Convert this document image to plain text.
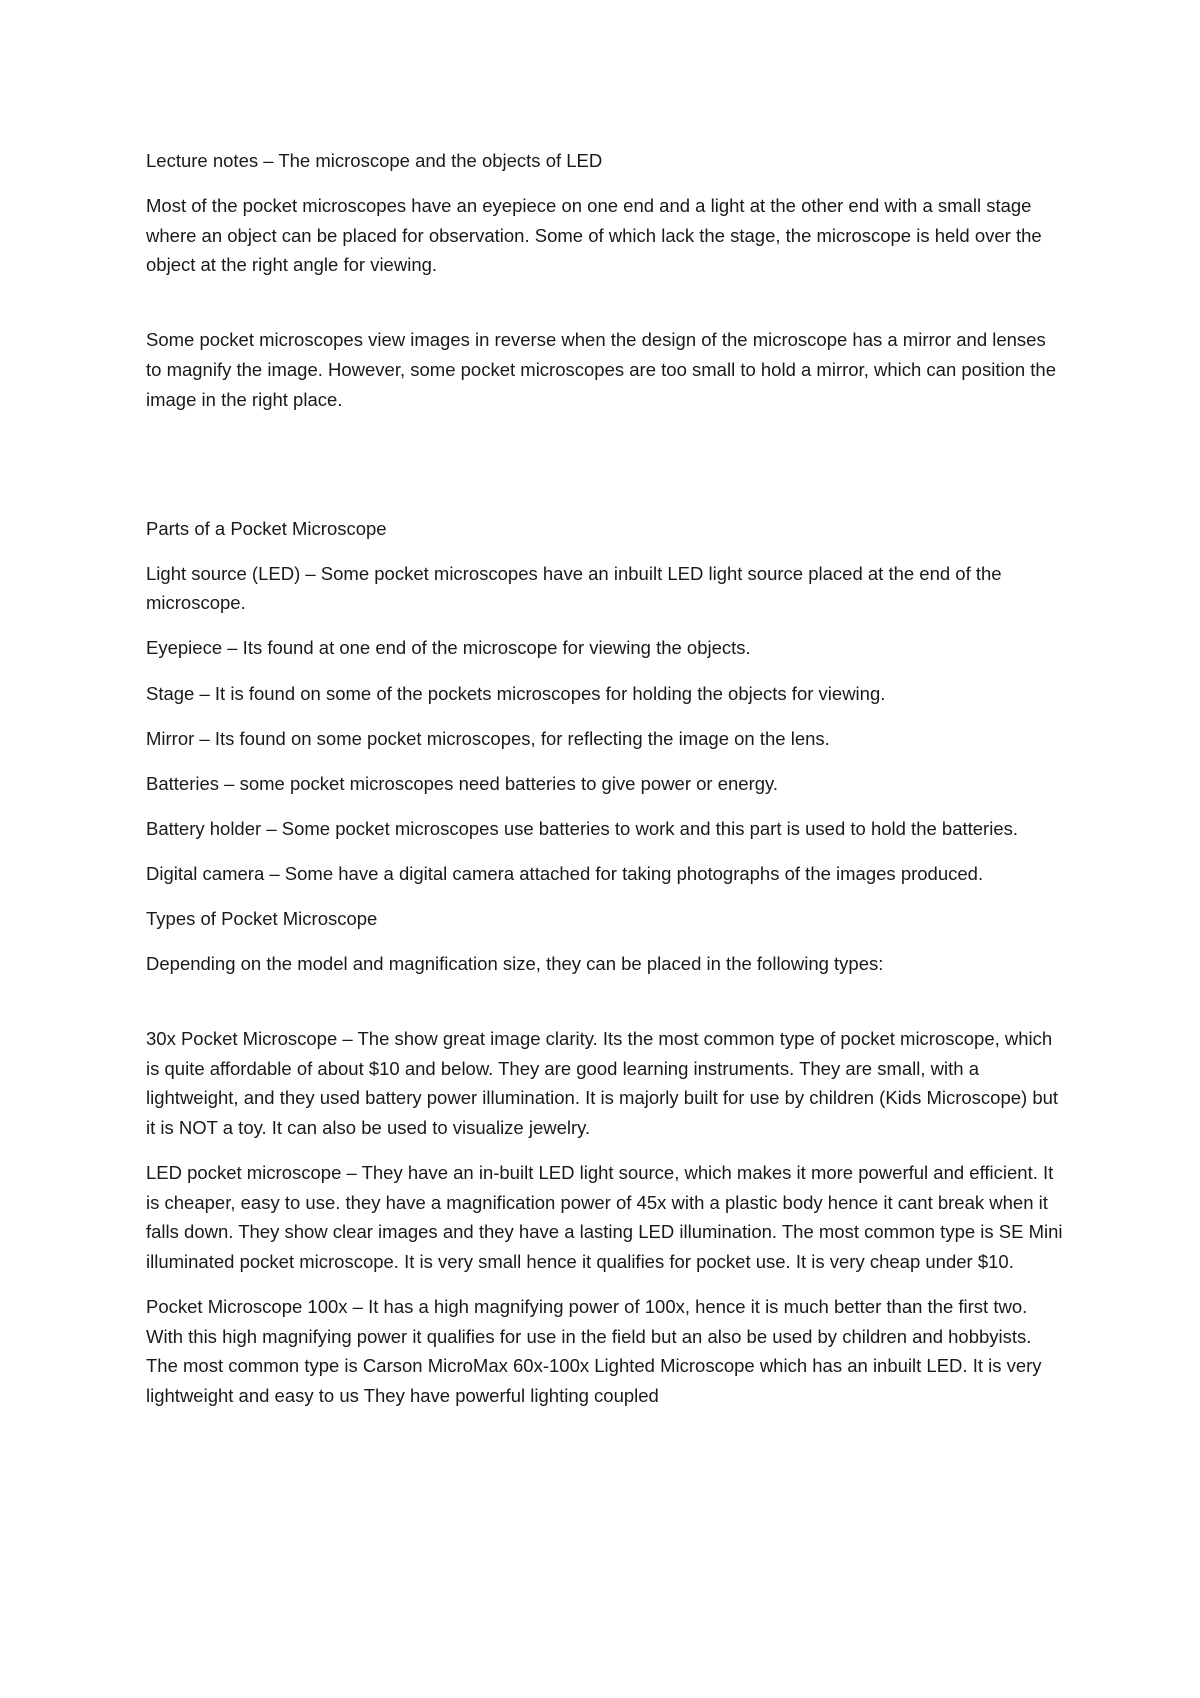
Lecture notes – The microscope and the objects of LED

Most of the pocket microscopes have an eyepiece on one end and a light at the other end with a small stage where an object can be placed for observation. Some of which lack the stage, the microscope is held over the object at the right angle for viewing.

Some pocket microscopes view images in reverse when the design of the microscope has a mirror and lenses to magnify the image. However, some pocket microscopes are too small to hold a mirror, which can position the image in the right place.

Parts of a Pocket Microscope

Light source (LED) – Some pocket microscopes have an inbuilt LED light source placed at the end of the microscope.

Eyepiece – Its found at one end of the microscope for viewing the objects.

Stage – It is found on some of the pockets microscopes for holding the objects for viewing.

Mirror – Its found on some pocket microscopes, for reflecting the image on the lens.

Batteries – some pocket microscopes need batteries to give power or energy.

Battery holder – Some pocket microscopes use batteries to work and this part is used to hold the batteries.

Digital camera – Some have a digital camera attached for taking photographs of the images produced.

Types of Pocket Microscope

Depending on the model and magnification size, they can be placed in the following types:

30x Pocket Microscope – The show great image clarity. Its the most common type of pocket microscope, which is quite affordable of about $10 and below. They are good learning instruments. They are small, with a lightweight, and they used battery power illumination. It is majorly built for use by children (Kids Microscope) but it is NOT a toy. It can also be used to visualize jewelry.

LED pocket microscope – They have an in-built LED light source, which makes it more powerful and efficient. It is cheaper, easy to use. they have a magnification power of 45x with a plastic body hence it cant break when it falls down. They show clear images and they have a lasting LED illumination. The most common type is SE Mini illuminated pocket microscope. It is very small hence it qualifies for pocket use. It is very cheap under $10.

Pocket Microscope 100x – It has a high magnifying power of 100x, hence it is much better than the first two. With this high magnifying power it qualifies for use in the field but an also be used by children and hobbyists. The most common type is Carson MicroMax 60x-100x Lighted Microscope which has an inbuilt LED. It is very lightweight and easy to us They have powerful lighting coupled
